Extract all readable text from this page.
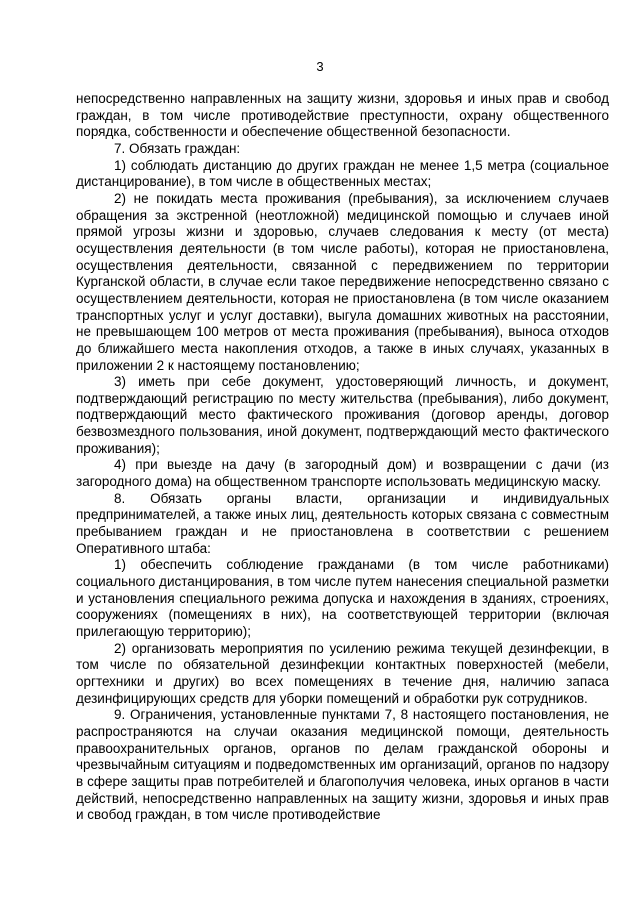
3

непосредственно направленных на защиту жизни, здоровья и иных прав и свобод граждан, в том числе противодействие преступности, охрану общественного порядка, собственности и обеспечение общественной безопасности.

7. Обязать граждан:

1) соблюдать дистанцию до других граждан не менее 1,5 метра (социальное дистанцирование), в том числе в общественных местах;

2) не покидать места проживания (пребывания), за исключением случаев обращения за экстренной (неотложной) медицинской помощью и случаев иной прямой угрозы жизни и здоровью, случаев следования к месту (от места) осуществления деятельности (в том числе работы), которая не приостановлена, осуществления деятельности, связанной с передвижением по территории Курганской области, в случае если такое передвижение непосредственно связано с осуществлением деятельности, которая не приостановлена (в том числе оказанием транспортных услуг и услуг доставки), выгула домашних животных на расстоянии, не превышающем 100 метров от места проживания (пребывания), выноса отходов до ближайшего места накопления отходов, а также в иных случаях, указанных в приложении 2 к настоящему постановлению;

3) иметь при себе документ, удостоверяющий личность, и документ, подтверждающий регистрацию по месту жительства (пребывания), либо документ, подтверждающий место фактического проживания (договор аренды, договор безвозмездного пользования, иной документ, подтверждающий место фактического проживания);

4) при выезде на дачу (в загородный дом) и возвращении с дачи (из загородного дома) на общественном транспорте использовать медицинскую маску.

8. Обязать органы власти, организации и индивидуальных предпринимателей, а также иных лиц, деятельность которых связана с совместным пребыванием граждан и не приостановлена в соответствии с решением Оперативного штаба:

1) обеспечить соблюдение гражданами (в том числе работниками) социального дистанцирования, в том числе путем нанесения специальной разметки и установления специального режима допуска и нахождения в зданиях, строениях, сооружениях (помещениях в них), на соответствующей территории (включая прилегающую территорию);

2) организовать мероприятия по усилению режима текущей дезинфекции, в том числе по обязательной дезинфекции контактных поверхностей (мебели, оргтехники и других) во всех помещениях в течение дня, наличию запаса дезинфицирующих средств для уборки помещений и обработки рук сотрудников.

9. Ограничения, установленные пунктами 7, 8 настоящего постановления, не распространяются на случаи оказания медицинской помощи, деятельность правоохранительных органов, органов по делам гражданской обороны и чрезвычайным ситуациям и подведомственных им организаций, органов по надзору в сфере защиты прав потребителей и благополучия человека, иных органов в части действий, непосредственно направленных на защиту жизни, здоровья и иных прав и свобод граждан, в том числе противодействие
